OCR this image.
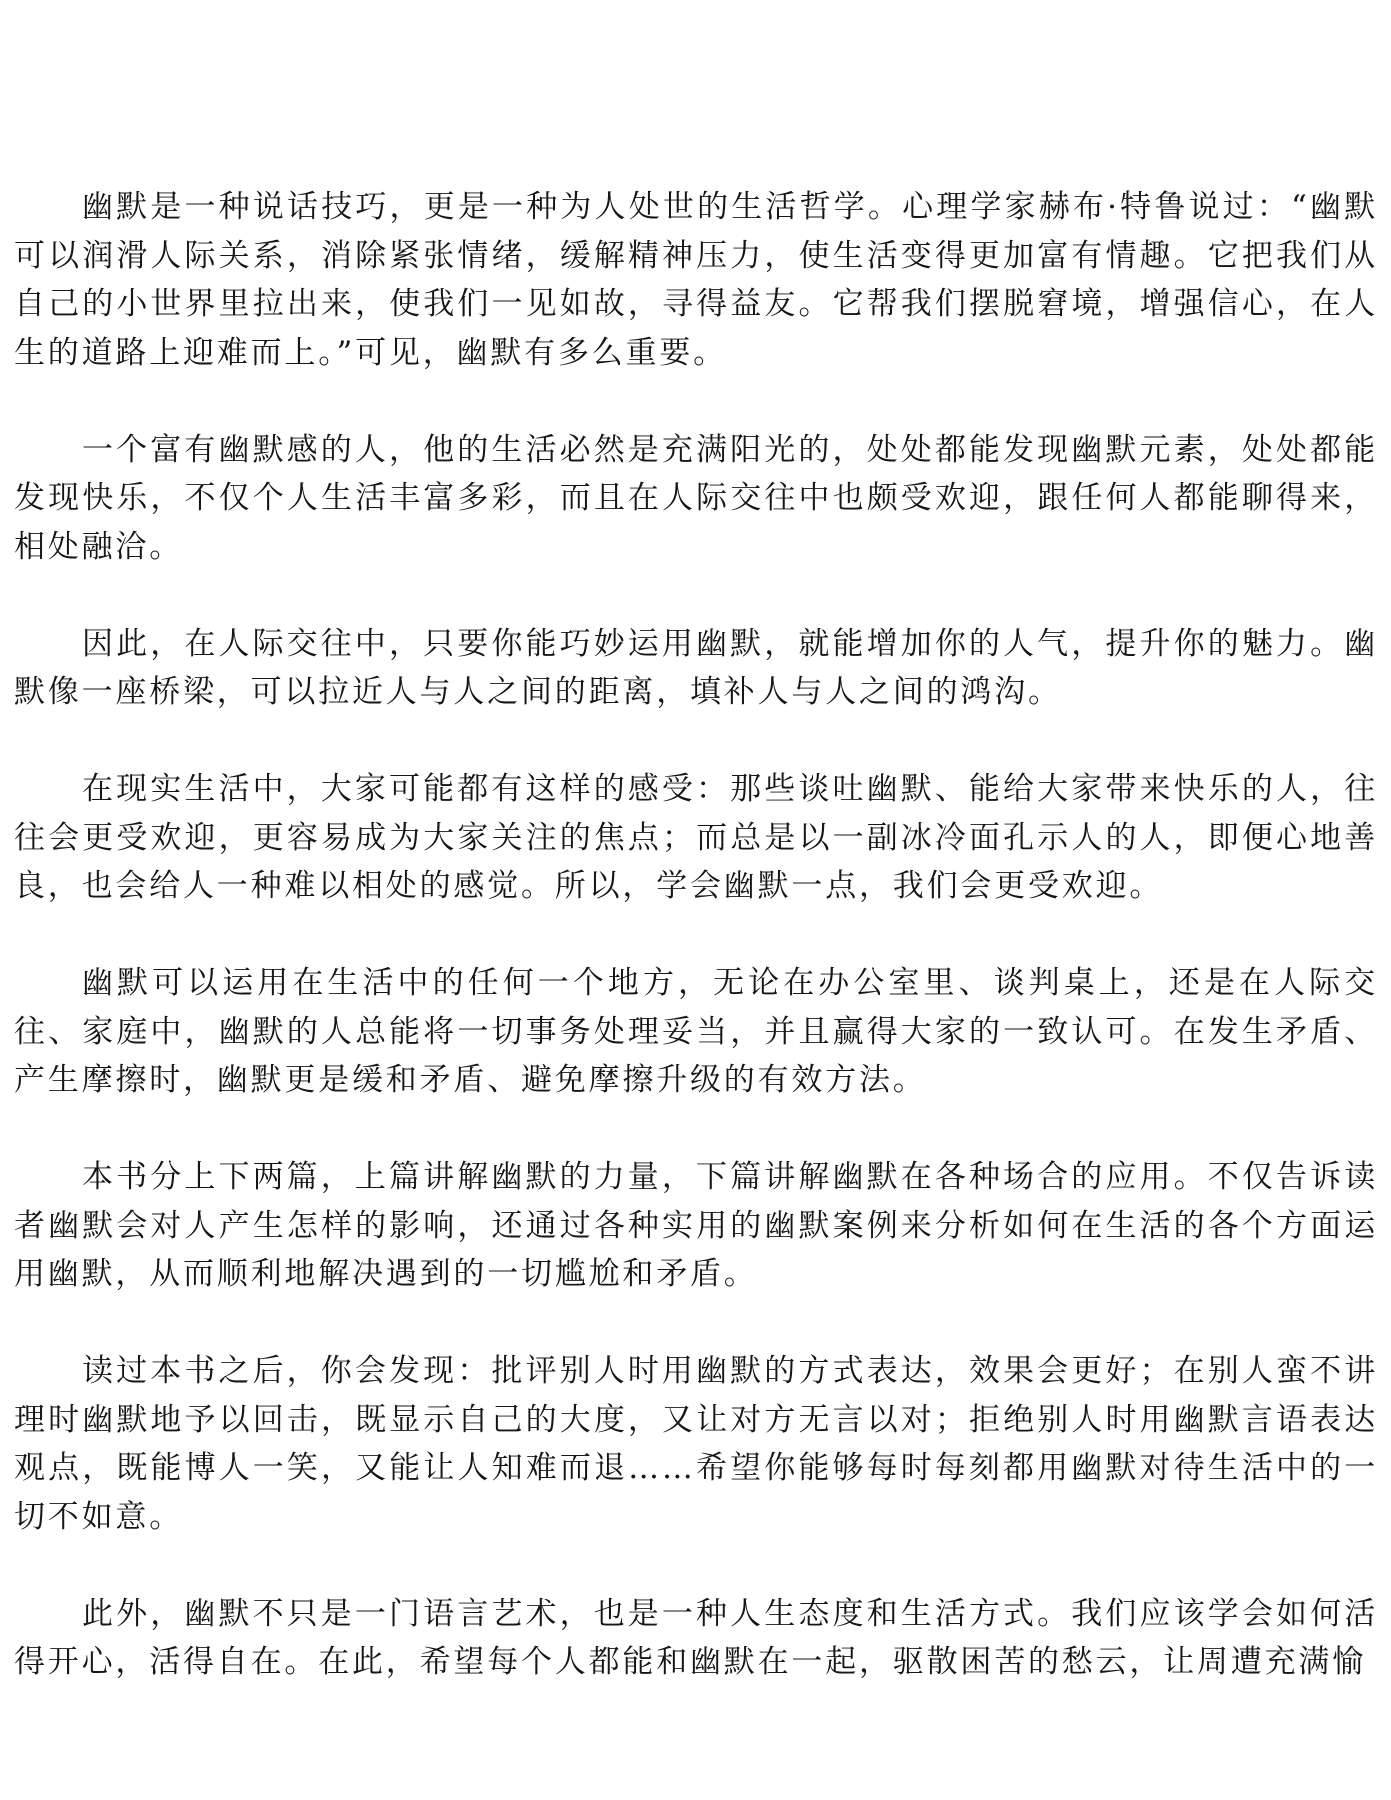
幽默是一种说话技巧，更是一种为人处世的生活哲学。心理学家赫布·特鲁说过：“幽默可以润滑人际关系，消除紧张情绪，缓解精神压力，使生活变得更加富有情趣。它把我们从自己的小世界里拉出来，使我们一见如故，寻得益友。它帮我们摆脱窘境，增强信心，在人生的道路上迎难而上。”可见，幽默有多么重要。

一个富有幽默感的人，他的生活必然是充满阳光的，处处都能发现幽默元素，处处都能发现快乐，不仅个人生活丰富多彩，而且在人际交往中也颇受欢迎，跟任何人都能聊得来，相处融洽。

因此，在人际交往中，只要你能巧妙运用幽默，就能增加你的人气，提升你的魅力。幽默像一座桥梁，可以拉近人与人之间的距离，填补人与人之间的鸿沟。

在现实生活中，大家可能都有这样的感受：那些谈吐幽默、能给大家带来快乐的人，往往会更受欢迎，更容易成为大家关注的焦点；而总是以一副冰冷面孔示人的人，即便心地善良，也会给人一种难以相处的感觉。所以，学会幽默一点，我们会更受欢迎。

幽默可以运用在生活中的任何一个地方，无论在办公室里、谈判桌上，还是在人际交往、家庭中，幽默的人总能将一切事务处理妥当，并且赢得大家的一致认可。在发生矛盾、产生摩擦时，幽默更是缓和矛盾、避免摩擦升级的有效方法。

本书分上下两篇，上篇讲解幽默的力量，下篇讲解幽默在各种场合的应用。不仅告诉读者幽默会对人产生怎样的影响，还通过各种实用的幽默案例来分析如何在生活的各个方面运用幽默，从而顺利地解决遇到的一切尴尬和矛盾。

读过本书之后，你会发现：批评别人时用幽默的方式表达，效果会更好；在别人蛮不讲理时幽默地予以回击，既显示自己的大度，又让对方无言以对；拒绝别人时用幽默言语表达观点，既能博人一笑，又能让人知难而退……希望你能够每时每刻都用幽默对待生活中的一切不如意。

此外，幽默不只是一门语言艺术，也是一种人生态度和生活方式。我们应该学会如何活得开心，活得自在。在此，希望每个人都能和幽默在一起，驱散困苦的愁云，让周遭充满愉
